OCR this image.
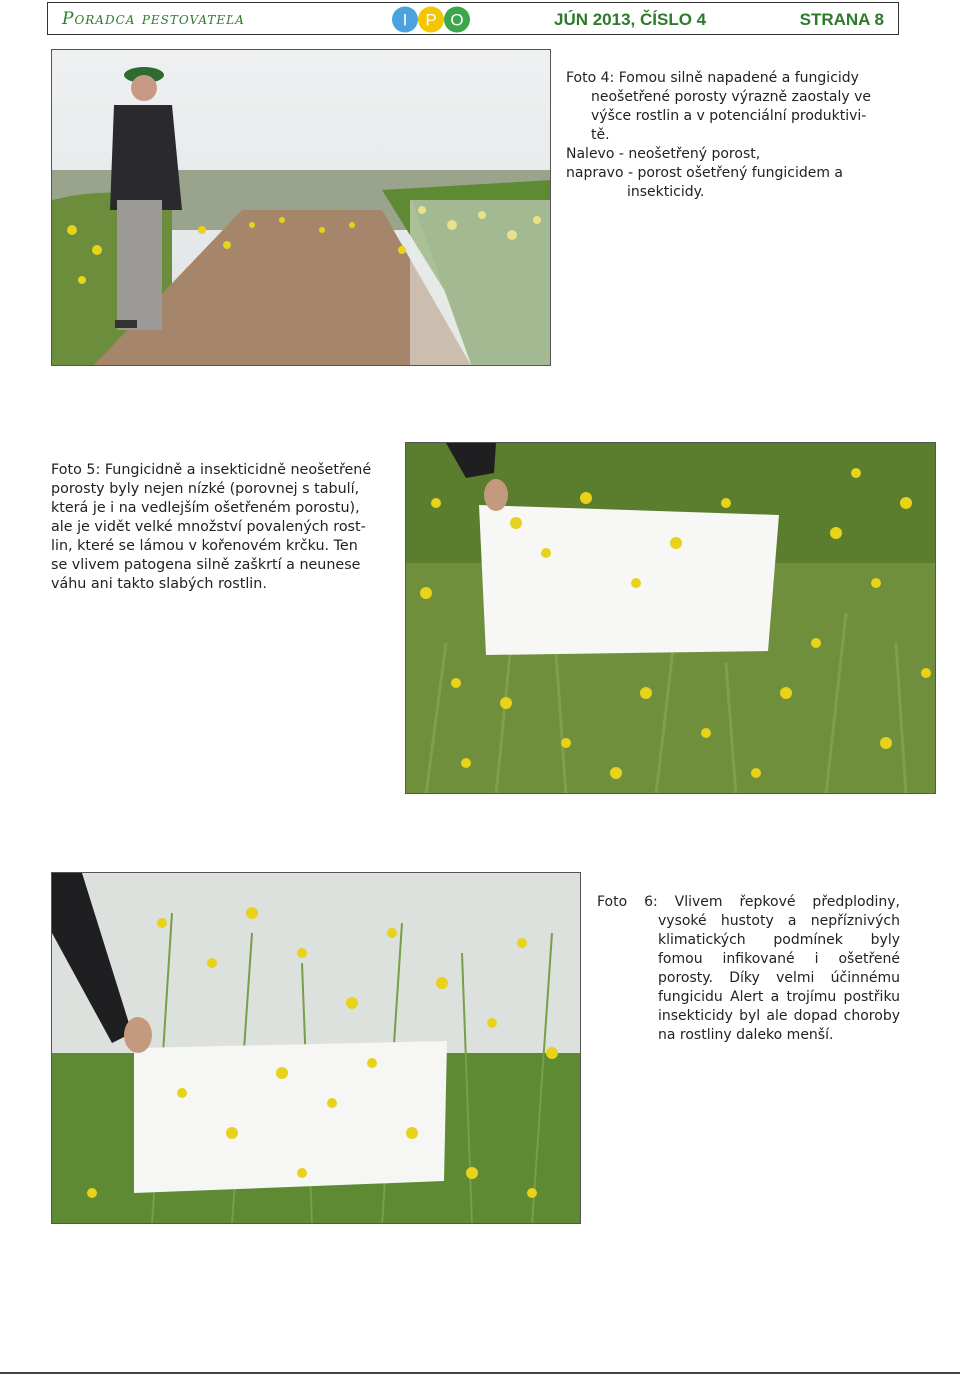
Poradca pestovateľa	I P O	JÚN 2013, ČÍSLO 4	STRANA 8

Foto 4: Fomou silně napadené a fungicidy

neošetřené porosty výrazně zaostaly ve

výšce rostlin a v potenciální produktivi-

tě.

Nalevo - neošetřený porost,

napravo - porost ošetřený fungicidem a

insekticidy.

Foto 5: Fungicidně a insekticidně neošetřené

porosty byly nejen nízké (porovnej s tabulí,

která je i na vedlejším ošetřeném porostu),

ale je vidět velké množství povalených rost-

lin, které se lámou v kořenovém krčku. Ten

se vlivem patogena silně zaškrtí a neunese

váhu ani takto slabých rostlin.

Foto 6: Vlivem řepkové předplodiny, vysoké hustoty a nepříznivých klimatických podmínek byly fomou infikované i ošetřené porosty. Díky velmi účinnému fungicidu Alert a trojímu postřiku insekticidy byl ale dopad choroby na rostliny daleko menší.
